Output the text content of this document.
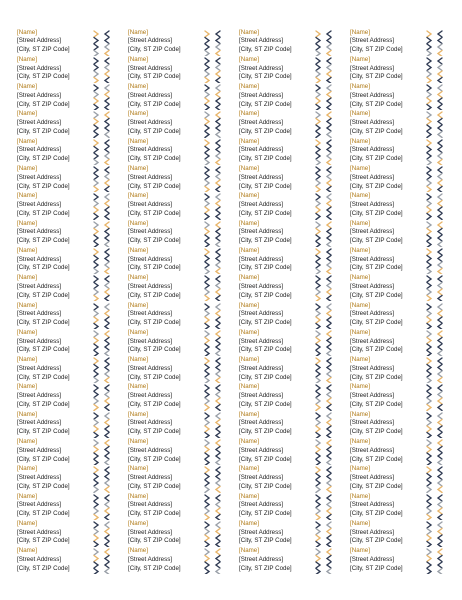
[Name]
[Street Address]
[City, ST ZIP Code]
[Name]
[Street Address]
[City, ST ZIP Code]
[Name]
[Street Address]
[City, ST ZIP Code]
[Name]
[Street Address]
[City, ST ZIP Code]
[Name]
[Street Address]
[City, ST ZIP Code]
[Name]
[Street Address]
[City, ST ZIP Code]
[Name]
[Street Address]
[City, ST ZIP Code]
[Name]
[Street Address]
[City, ST ZIP Code]
[Name]
[Street Address]
[City, ST ZIP Code]
[Name]
[Street Address]
[City, ST ZIP Code]
[Name]
[Street Address]
[City, ST ZIP Code]
[Name]
[Street Address]
[City, ST ZIP Code]
[Name]
[Street Address]
[City, ST ZIP Code]
[Name]
[Street Address]
[City, ST ZIP Code]
[Name]
[Street Address]
[City, ST ZIP Code]
[Name]
[Street Address]
[City, ST ZIP Code]
[Name]
[Street Address]
[City, ST ZIP Code]
[Name]
[Street Address]
[City, ST ZIP Code]
[Name]
[Street Address]
[City, ST ZIP Code]
[Name]
[Street Address]
[City, ST ZIP Code]
[Name]
[Street Address]
[City, ST ZIP Code]
[Name]
[Street Address]
[City, ST ZIP Code]
[Name]
[Street Address]
[City, ST ZIP Code]
[Name]
[Street Address]
[City, ST ZIP Code]
[Name]
[Street Address]
[City, ST ZIP Code]
[Name]
[Street Address]
[City, ST ZIP Code]
[Name]
[Street Address]
[City, ST ZIP Code]
[Name]
[Street Address]
[City, ST ZIP Code]
[Name]
[Street Address]
[City, ST ZIP Code]
[Name]
[Street Address]
[City, ST ZIP Code]
[Name]
[Street Address]
[City, ST ZIP Code]
[Name]
[Street Address]
[City, ST ZIP Code]
[Name]
[Street Address]
[City, ST ZIP Code]
[Name]
[Street Address]
[City, ST ZIP Code]
[Name]
[Street Address]
[City, ST ZIP Code]
[Name]
[Street Address]
[City, ST ZIP Code]
[Name]
[Street Address]
[City, ST ZIP Code]
[Name]
[Street Address]
[City, ST ZIP Code]
[Name]
[Street Address]
[City, ST ZIP Code]
[Name]
[Street Address]
[City, ST ZIP Code]
[Name]
[Street Address]
[City, ST ZIP Code]
[Name]
[Street Address]
[City, ST ZIP Code]
[Name]
[Street Address]
[City, ST ZIP Code]
[Name]
[Street Address]
[City, ST ZIP Code]
[Name]
[Street Address]
[City, ST ZIP Code]
[Name]
[Street Address]
[City, ST ZIP Code]
[Name]
[Street Address]
[City, ST ZIP Code]
[Name]
[Street Address]
[City, ST ZIP Code]
[Name]
[Street Address]
[City, ST ZIP Code]
[Name]
[Street Address]
[City, ST ZIP Code]
[Name]
[Street Address]
[City, ST ZIP Code]
[Name]
[Street Address]
[City, ST ZIP Code]
[Name]
[Street Address]
[City, ST ZIP Code]
[Name]
[Street Address]
[City, ST ZIP Code]
[Name]
[Street Address]
[City, ST ZIP Code]
[Name]
[Street Address]
[City, ST ZIP Code]
[Name]
[Street Address]
[City, ST ZIP Code]
[Name]
[Street Address]
[City, ST ZIP Code]
[Name]
[Street Address]
[City, ST ZIP Code]
[Name]
[Street Address]
[City, ST ZIP Code]
[Name]
[Street Address]
[City, ST ZIP Code]
[Name]
[Street Address]
[City, ST ZIP Code]
[Name]
[Street Address]
[City, ST ZIP Code]
[Name]
[Street Address]
[City, ST ZIP Code]
[Name]
[Street Address]
[City, ST ZIP Code]
[Name]
[Street Address]
[City, ST ZIP Code]
[Name]
[Street Address]
[City, ST ZIP Code]
[Name]
[Street Address]
[City, ST ZIP Code]
[Name]
[Street Address]
[City, ST ZIP Code]
[Name]
[Street Address]
[City, ST ZIP Code]
[Name]
[Street Address]
[City, ST ZIP Code]
[Name]
[Street Address]
[City, ST ZIP Code]
[Name]
[Street Address]
[City, ST ZIP Code]
[Name]
[Street Address]
[City, ST ZIP Code]
[Name]
[Street Address]
[City, ST ZIP Code]
[Name]
[Street Address]
[City, ST ZIP Code]
[Name]
[Street Address]
[City, ST ZIP Code]
[Name]
[Street Address]
[City, ST ZIP Code]
[Name]
[Street Address]
[City, ST ZIP Code]
[Name]
[Street Address]
[City, ST ZIP Code]
